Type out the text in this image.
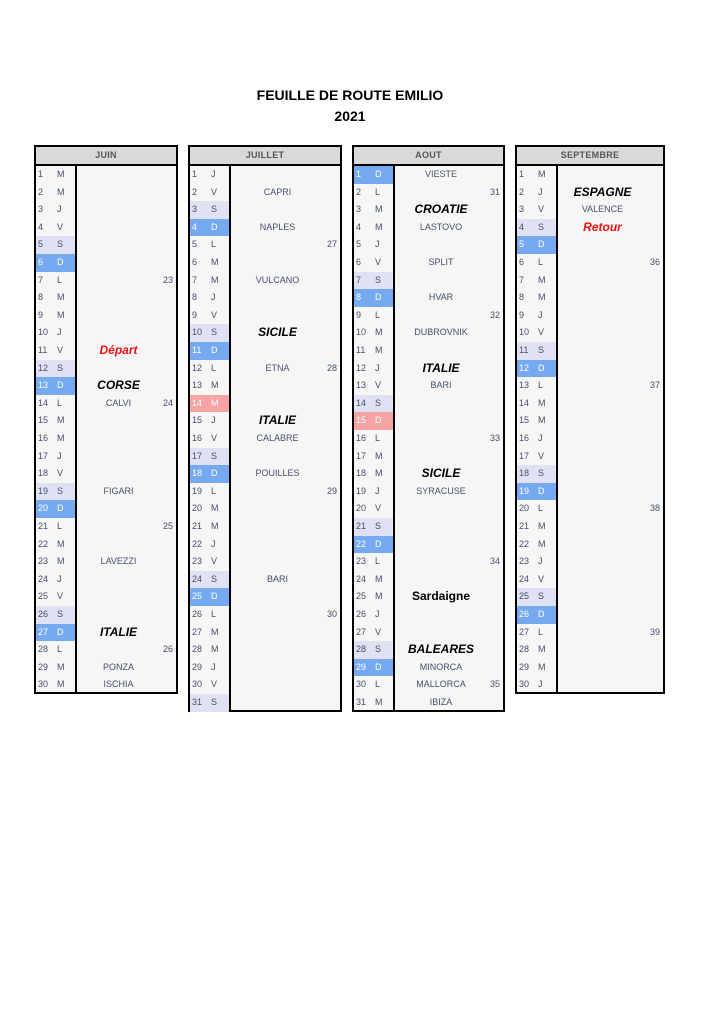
FEUILLE DE ROUTE EMILIO
2021
JUIN
1 M
2 M
3 J
4 V
5 S
6 D
7 L
8 M
9 M
10 J
11 V
12 S
13 D
14 L
15 M
16 M
17 J
18 V
19 S
20 D
21 L
22 M
23 M
24 J
25 V
26 S
27 D
28 L
29 M
30 M
Départ
CORSE
CALVI
FIGARI
LAVEZZI
ITALIE
PONZA
ISCHIA
23
24
25
26
JUILLET
1 J
2 V
3 S
4 D
5 L
6 M
7 M
8 J
9 V
10 S
11 D
12 L
13 M
14 M
15 J
16 V
17 S
18 D
19 L
20 M
21 M
22 J
23 V
24 S
25 D
26 L
27 M
28 M
29 J
30 V
31 S
CAPRI
NAPLES
VULCANO
SICILE
ETNA
ITALIE
CALABRE
POUILLES
BARI
27
28
29
30
AOUT
1 D
2 L
3 M
4 M
5 J
6 V
7 S
8 D
9 L
10 M
11 M
12 J
13 V
14 S
15 D
16 L
17 M
18 M
19 J
20 V
21 S
22 D
23 L
24 M
25 M
26 J
27 V
28 S
29 D
30 L
31 M
VIESTE
CROATIE
LASTOVO
SPLIT
HVAR
DUBROVNIK
ITALIE
BARI
SICILE
SYRACUSE
Sardaigne
BALEARES
MINORCA
MALLORCA
IBIZA
31
32
33
34
35
SEPTEMBRE
1 M
2 J
3 V
4 S
5 D
6 L
7 M
8 M
9 J
10 V
11 S
12 D
13 L
14 M
15 M
16 J
17 V
18 S
19 D
20 L
21 M
22 M
23 J
24 V
25 S
26 D
27 L
28 M
29 M
30 J
ESPAGNE
VALENCE
Retour
36
37
38
39
